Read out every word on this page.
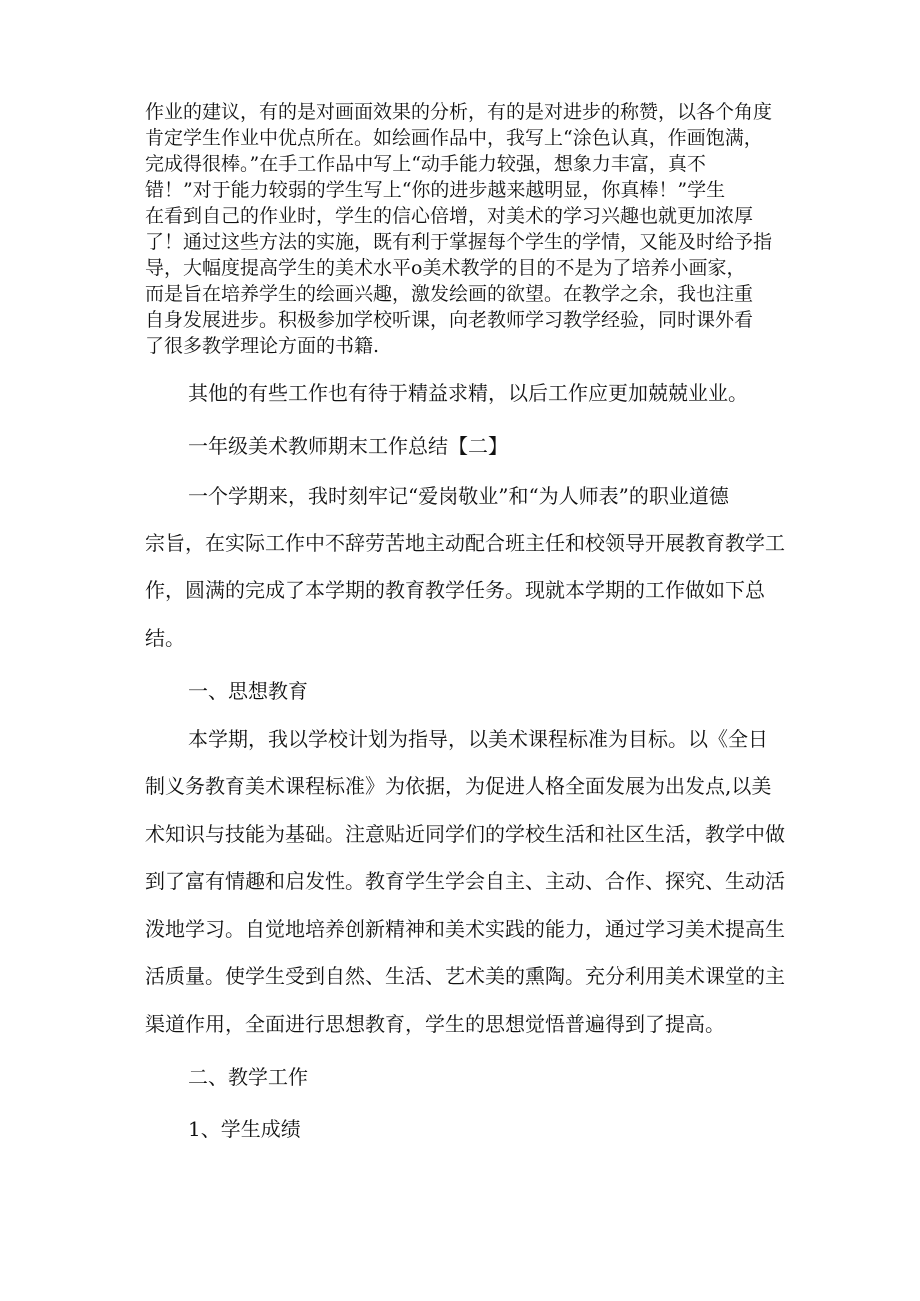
作业的建议，有的是对画面效果的分析，有的是对进步的称赞，以各个角度
肯定学生作业中优点所在。如绘画作品中，我写上“涂色认真，作画饱满，
完成得很棒。”在手工作品中写上“动手能力较强，想象力丰富，真不
错！”对于能力较弱的学生写上“你的进步越来越明显，你真棒！”学生
在看到自己的作业时，学生的信心倍增，对美术的学习兴趣也就更加浓厚
了！通过这些方法的实施，既有利于掌握每个学生的学情，又能及时给予指
导，大幅度提高学生的美术水平o美术教学的目的不是为了培养小画家，
而是旨在培养学生的绘画兴趣，激发绘画的欲望。在教学之余，我也注重
自身发展进步。积极参加学校听课，向老教师学习教学经验，同时课外看
了很多教学理论方面的书籍.
其他的有些工作也有待于精益求精，以后工作应更加兢兢业业。
一年级美术教师期末工作总结【二】
一个学期来，我时刻牢记“爱岗敬业”和“为人师表”的职业道德
宗旨，在实际工作中不辞劳苦地主动配合班主任和校领导开展教育教学工
作，圆满的完成了本学期的教育教学任务。现就本学期的工作做如下总
结。
一、思想教育
本学期，我以学校计划为指导，以美术课程标准为目标。以《全日
制义务教育美术课程标准》为依据，为促进人格全面发展为出发点,以美
术知识与技能为基础。注意贴近同学们的学校生活和社区生活，教学中做
到了富有情趣和启发性。教育学生学会自主、主动、合作、探究、生动活
泼地学习。自觉地培养创新精神和美术实践的能力，通过学习美术提高生
活质量。使学生受到自然、生活、艺术美的熏陶。充分利用美术课堂的主
渠道作用，全面进行思想教育，学生的思想觉悟普遍得到了提高。
二、教学工作
1、学生成绩
